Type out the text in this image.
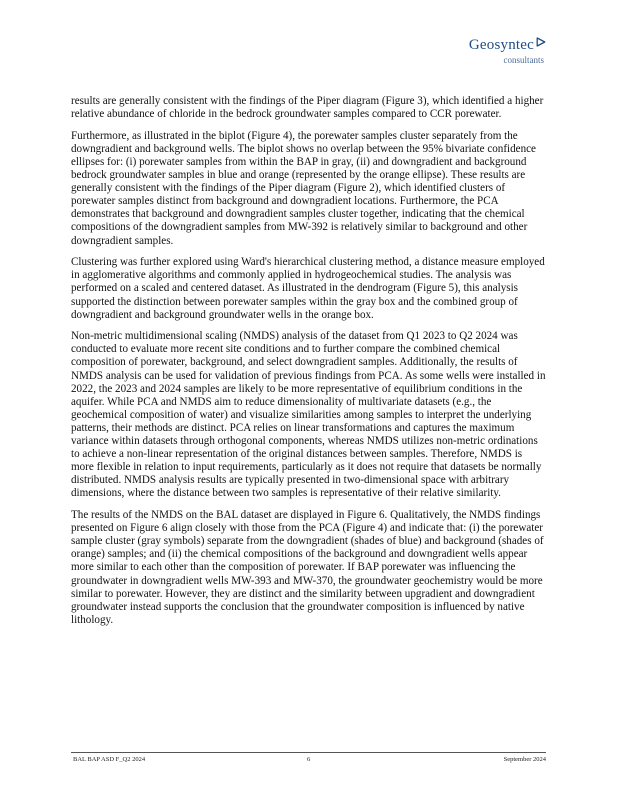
Geosyntec
consultants

results are generally consistent with the findings of the Piper diagram (Figure 3), which identified a higher relative abundance of chloride in the bedrock groundwater samples compared to CCR porewater.

Furthermore, as illustrated in the biplot (Figure 4), the porewater samples cluster separately from the downgradient and background wells. The biplot shows no overlap between the 95% bivariate confidence ellipses for: (i) porewater samples from within the BAP in gray, (ii) and downgradient and background bedrock groundwater samples in blue and orange (represented by the orange ellipse). These results are generally consistent with the findings of the Piper diagram (Figure 2), which identified clusters of porewater samples distinct from background and downgradient locations. Furthermore, the PCA demonstrates that background and downgradient samples cluster together, indicating that the chemical compositions of the downgradient samples from MW-392 is relatively similar to background and other downgradient samples.

Clustering was further explored using Ward's hierarchical clustering method, a distance measure employed in agglomerative algorithms and commonly applied in hydrogeochemical studies. The analysis was performed on a scaled and centered dataset. As illustrated in the dendrogram (Figure 5), this analysis supported the distinction between porewater samples within the gray box and the combined group of downgradient and background groundwater wells in the orange box.

Non-metric multidimensional scaling (NMDS) analysis of the dataset from Q1 2023 to Q2 2024 was conducted to evaluate more recent site conditions and to further compare the combined chemical composition of porewater, background, and select downgradient samples. Additionally, the results of NMDS analysis can be used for validation of previous findings from PCA. As some wells were installed in 2022, the 2023 and 2024 samples are likely to be more representative of equilibrium conditions in the aquifer. While PCA and NMDS aim to reduce dimensionality of multivariate datasets (e.g., the geochemical composition of water) and visualize similarities among samples to interpret the underlying patterns, their methods are distinct. PCA relies on linear transformations and captures the maximum variance within datasets through orthogonal components, whereas NMDS utilizes non-metric ordinations to achieve a non-linear representation of the original distances between samples. Therefore, NMDS is more flexible in relation to input requirements, particularly as it does not require that datasets be normally distributed. NMDS analysis results are typically presented in two-dimensional space with arbitrary dimensions, where the distance between two samples is representative of their relative similarity.

The results of the NMDS on the BAL dataset are displayed in Figure 6. Qualitatively, the NMDS findings presented on Figure 6 align closely with those from the PCA (Figure 4) and indicate that: (i) the porewater sample cluster (gray symbols) separate from the downgradient (shades of blue) and background (shades of orange) samples; and (ii) the chemical compositions of the background and downgradient wells appear more similar to each other than the composition of porewater. If BAP porewater was influencing the groundwater in downgradient wells MW-393 and MW-370, the groundwater geochemistry would be more similar to porewater. However, they are distinct and the similarity between upgradient and downgradient groundwater instead supports the conclusion that the groundwater composition is influenced by native lithology.

BAL BAP ASD F_Q2 2024	6	September 2024
